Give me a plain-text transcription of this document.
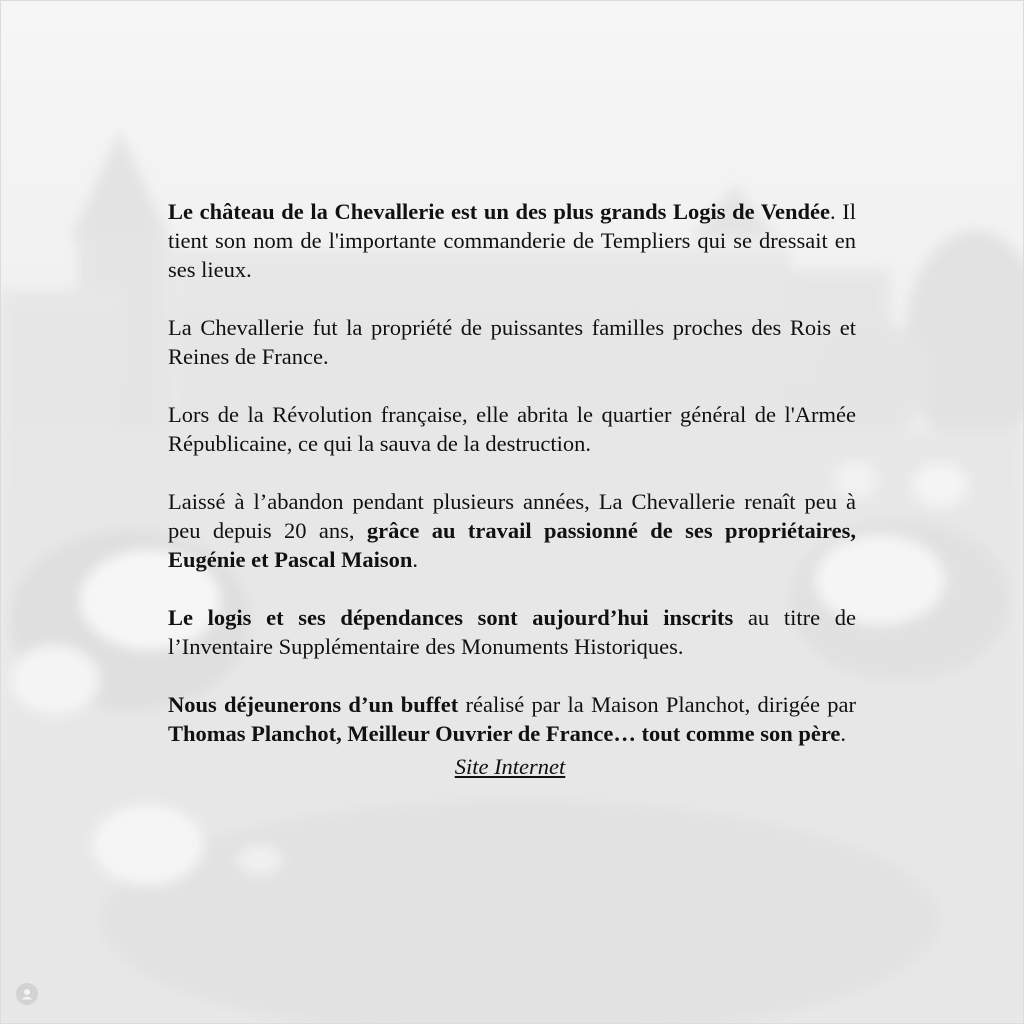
Le château de la Chevallerie est un des plus grands Logis de Vendée. Il tient son nom de l'importante commanderie de Templiers qui se dressait en ses lieux.

La Chevallerie fut la propriété de puissantes familles proches des Rois et Reines de France.

Lors de la Révolution française, elle abrita le quartier général de l'Armée Républicaine, ce qui la sauva de la destruction.

Laissé à l’abandon pendant plusieurs années, La Chevallerie renaît peu à peu depuis 20 ans, grâce au travail passionné de ses propriétaires, Eugénie et Pascal Maison.

Le logis et ses dépendances sont aujourd’hui inscrits au titre de l’Inventaire Supplémentaire des Monuments Historiques.

Nous déjeunerons d’un buffet réalisé par la Maison Planchot, dirigée par Thomas Planchot, Meilleur Ouvrier de France… tout comme son père.

Site Internet
